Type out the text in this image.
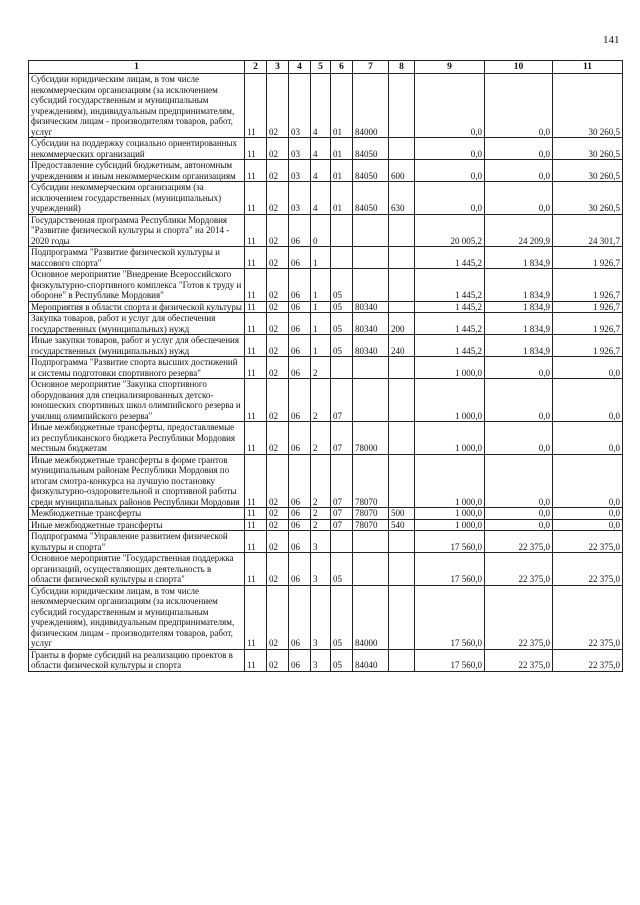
141
1	2	3	4	5	6	7	8	9	10	11
Субсидии юридическим лицам, в том числе некоммерческим организациям (за исключением субсидий государственным и муниципальным учреждениям), индивидуальным предпринимателям, физическим лицам - производителям товаров, работ, услуг	11	02	03	4	01	84000		0,0	0,0	30 260,5
Субсидии на поддержку социально ориентированных некоммерческих организаций	11	02	03	4	01	84050		0,0	0,0	30 260,5
Предоставление субсидий бюджетным, автономным учреждениям и иным некоммерческим организациям	11	02	03	4	01	84050	600	0,0	0,0	30 260,5
Субсидии некоммерческим организациям (за исключением государственных (муниципальных) учреждений)	11	02	03	4	01	84050	630	0,0	0,0	30 260,5
Государственная программа Республики Мордовия "Развитие физической культуры и спорта" на 2014 - 2020 годы	11	02	06	0				20 005,2	24 209,9	24 301,7
Подпрограмма "Развитие физической культуры и массового спорта"	11	02	06	1				1 445,2	1 834,9	1 926,7
Основное мероприятие "Внедрение Всероссийского физкультурно-спортивного комплекса "Готов к труду и обороне" в Республике Мордовия"	11	02	06	1	05			1 445,2	1 834,9	1 926,7
Мероприятия в области спорта и физической культуры	11	02	06	1	05	80340		1 445,2	1 834,9	1 926,7
Закупка товаров, работ и услуг для обеспечения государственных (муниципальных) нужд	11	02	06	1	05	80340	200	1 445,2	1 834,9	1 926,7
Иные закупки товаров, работ и услуг для обеспечения государственных (муниципальных) нужд	11	02	06	1	05	80340	240	1 445,2	1 834,9	1 926,7
Подпрограмма "Развитие спорта высших достижений и системы подготовки спортивного резерва"	11	02	06	2				1 000,0	0,0	0,0
Основное мероприятие "Закупка спортивного оборудования для специализированных детско-юношеских спортивных школ олимпийского резерва и училищ олимпийского резерва"	11	02	06	2	07			1 000,0	0,0	0,0
Иные межбюджетные трансферты, предоставляемые из республиканского бюджета Республики Мордовия местным бюджетам	11	02	06	2	07	78000		1 000,0	0,0	0,0
Иные межбюджетные трансферты в форме грантов муниципальным районам Республики Мордовия по итогам смотра-конкурса на лучшую постановку физкультурно-оздоровительной и спортивной работы среди муниципальных районов Республики Мордовия	11	02	06	2	07	78070		1 000,0	0,0	0,0
Межбюджетные трансферты	11	02	06	2	07	78070	500	1 000,0	0,0	0,0
Иные межбюджетные трансферты	11	02	06	2	07	78070	540	1 000,0	0,0	0,0
Подпрограмма "Управление развитием физической культуры и спорта"	11	02	06	3				17 560,0	22 375,0	22 375,0
Основное мероприятие "Государственная поддержка организаций, осуществляющих деятельность в области физической культуры и спорта"	11	02	06	3	05			17 560,0	22 375,0	22 375,0
Субсидии юридическим лицам, в том числе некоммерческим организациям (за исключением субсидий государственным и муниципальным учреждениям), индивидуальным предпринимателям, физическим лицам - производителям товаров, работ, услуг	11	02	06	3	05	84000		17 560,0	22 375,0	22 375,0
Гранты в форме субсидий на реализацию проектов в области физической культуры и спорта	11	02	06	3	05	84040		17 560,0	22 375,0	22 375,0
